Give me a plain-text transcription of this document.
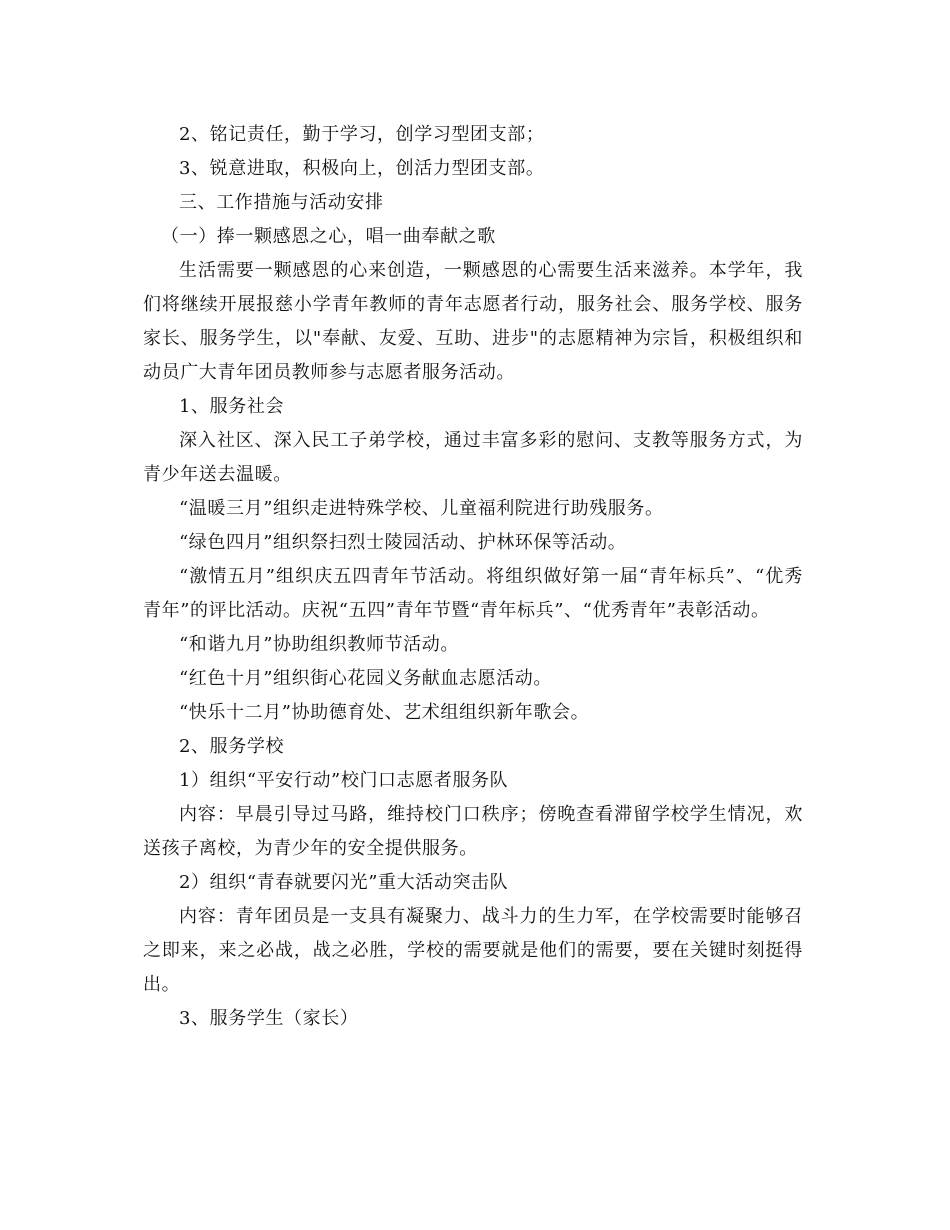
2、铭记责任，勤于学习，创学习型团支部；

3、锐意进取，积极向上，创活力型团支部。

三、工作措施与活动安排

（一）捧一颗感恩之心，唱一曲奉献之歌

生活需要一颗感恩的心来创造，一颗感恩的心需要生活来滋养。本学年，我们将继续开展报慈小学青年教师的青年志愿者行动，服务社会、服务学校、服务家长、服务学生，以"奉献、友爱、互助、进步"的志愿精神为宗旨，积极组织和动员广大青年团员教师参与志愿者服务活动。

1、服务社会

深入社区、深入民工子弟学校，通过丰富多彩的慰问、支教等服务方式，为青少年送去温暖。

“温暖三月”组织走进特殊学校、儿童福利院进行助残服务。

“绿色四月”组织祭扫烈士陵园活动、护林环保等活动。

“激情五月”组织庆五四青年节活动。将组织做好第一届“青年标兵”、“优秀青年”的评比活动。庆祝“五四”青年节暨“青年标兵”、“优秀青年”表彰活动。

“和谐九月”协助组织教师节活动。

“红色十月”组织街心花园义务献血志愿活动。

“快乐十二月”协助德育处、艺术组组织新年歌会。

2、服务学校

1）组织“平安行动”校门口志愿者服务队

内容：早晨引导过马路，维持校门口秩序；傍晚查看滞留学校学生情况，欢送孩子离校，为青少年的安全提供服务。

2）组织“青春就要闪光”重大活动突击队

内容：青年团员是一支具有凝聚力、战斗力的生力军，在学校需要时能够召之即来，来之必战，战之必胜，学校的需要就是他们的需要，要在关键时刻挺得出。

3、服务学生（家长）
